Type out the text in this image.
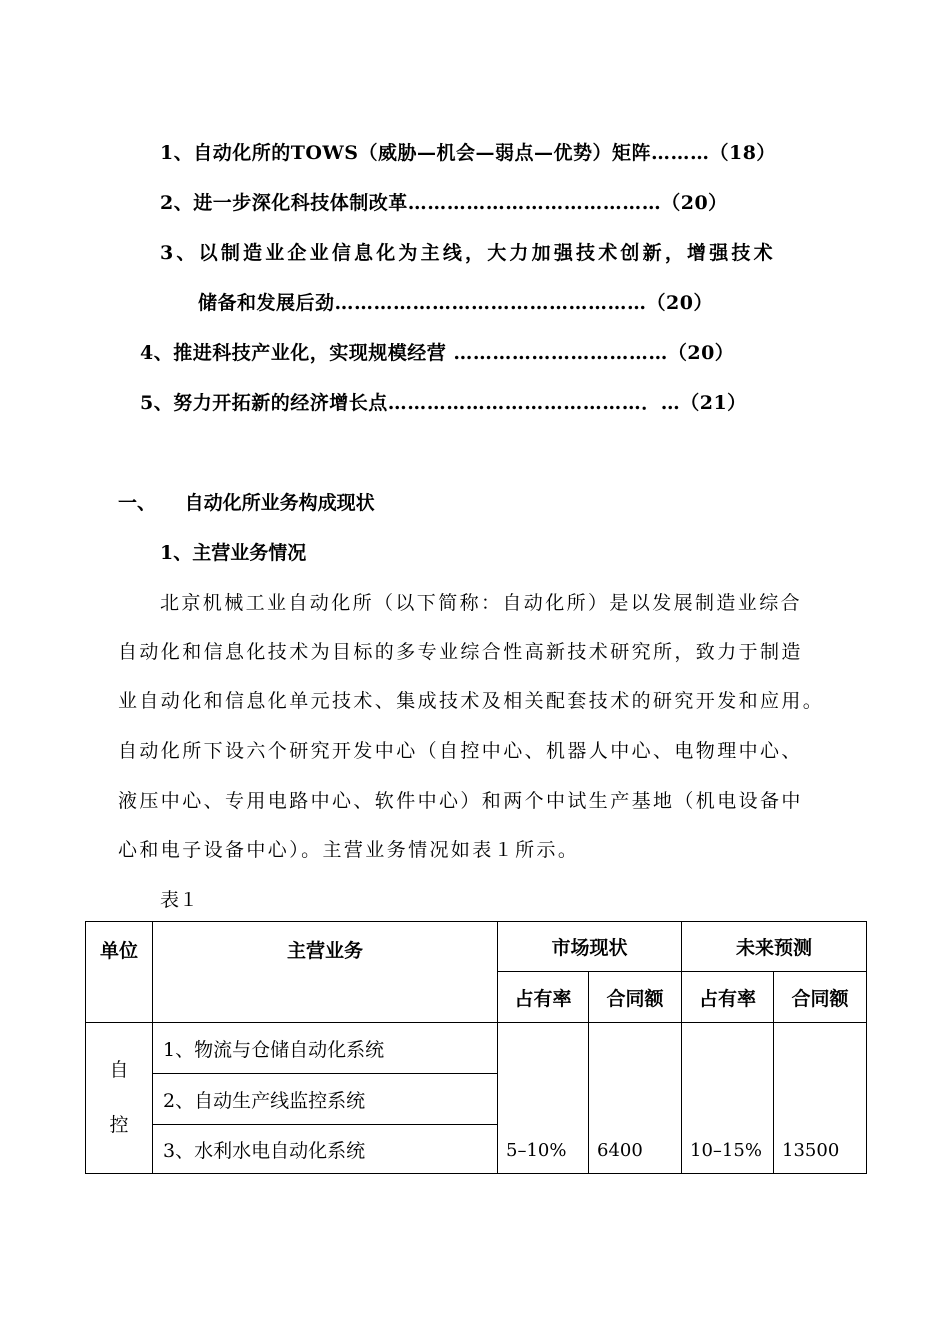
1、自动化所的TOWS（威胁—机会—弱点—优势）矩阵………（18）
2、进一步深化科技体制改革…………………………………（20）
3、以制造业企业信息化为主线，大力加强技术创新，增强技术
储备和发展后劲…………………………………………（20）
4、推进科技产业化，实现规模经营 ……………………………（20）
5、努力开拓新的经济增长点…………………………………．…（21）
一、 自动化所业务构成现状
1、主营业务情况
北京机械工业自动化所（以下简称：自动化所）是以发展制造业综合
自动化和信息化技术为目标的多专业综合性高新技术研究所，致力于制造
业自动化和信息化单元技术、集成技术及相关配套技术的研究开发和应用。
自动化所下设六个研究开发中心（自控中心、机器人中心、电物理中心、
液压中心、专用电路中心、软件中心）和两个中试生产基地（机电设备中
心和电子设备中心）。主营业务情况如表１所示。
表１
单位	主营业务	市场现状		未来预测	
		占有率	合同额	占有率	合同额
自
控	1、物流与仓储自动化系统	5–10%	6400	10–15%	13500
	2、自动生产线监控系统				
	3、水利水电自动化系统				
